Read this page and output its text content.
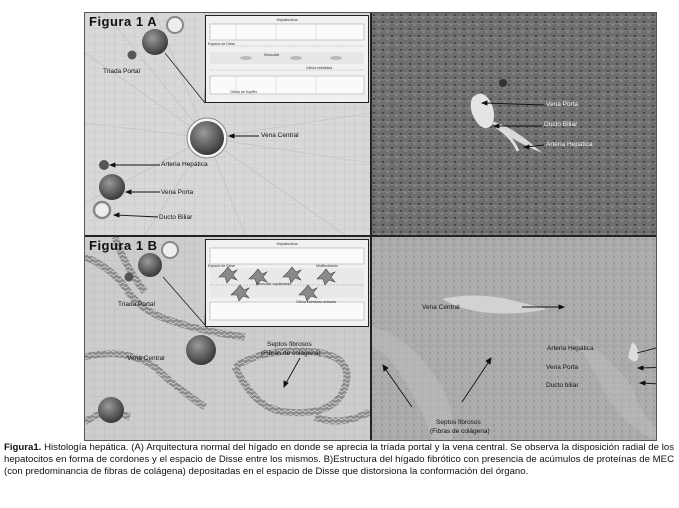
Figura 1 A
Triada Portal
Vena Central
Arteria Hepática
Vena Porta
Ducto Biliar
Hepatocitos
Espacio de Disse
Sinusoide
Célula estrellada
Célula de Kupffer
Vena Porta
Ducto Biliar
Arteria Hepática
Figura 1 B
Triada Portal
Vena Central
Septos fibrosos
(Fibras de colágena)
Hepatocitos
Espacio de Disse	Miofibroblasto
Sinusoide capilarizado
Célula estrellada activada
Vena Central
Arteria Hepática
Vena Porta
Ducto biliar
Septos fibrosos
(Fibras de colágena)
Figura1. Histología hepática. (A) Arquitectura normal del hígado en donde se aprecia la tríada portal y la vena central. Se observa la disposición radial de los hepatocitos en forma de cordones y el espacio de Disse entre los mismos. B)Estructura del hígado fibrótico con presencia de acúmulos de proteínas de MEC (con predominancia de fibras de colágena) depositadas en el espacio de Disse que distorsiona la conformación del órgano.
